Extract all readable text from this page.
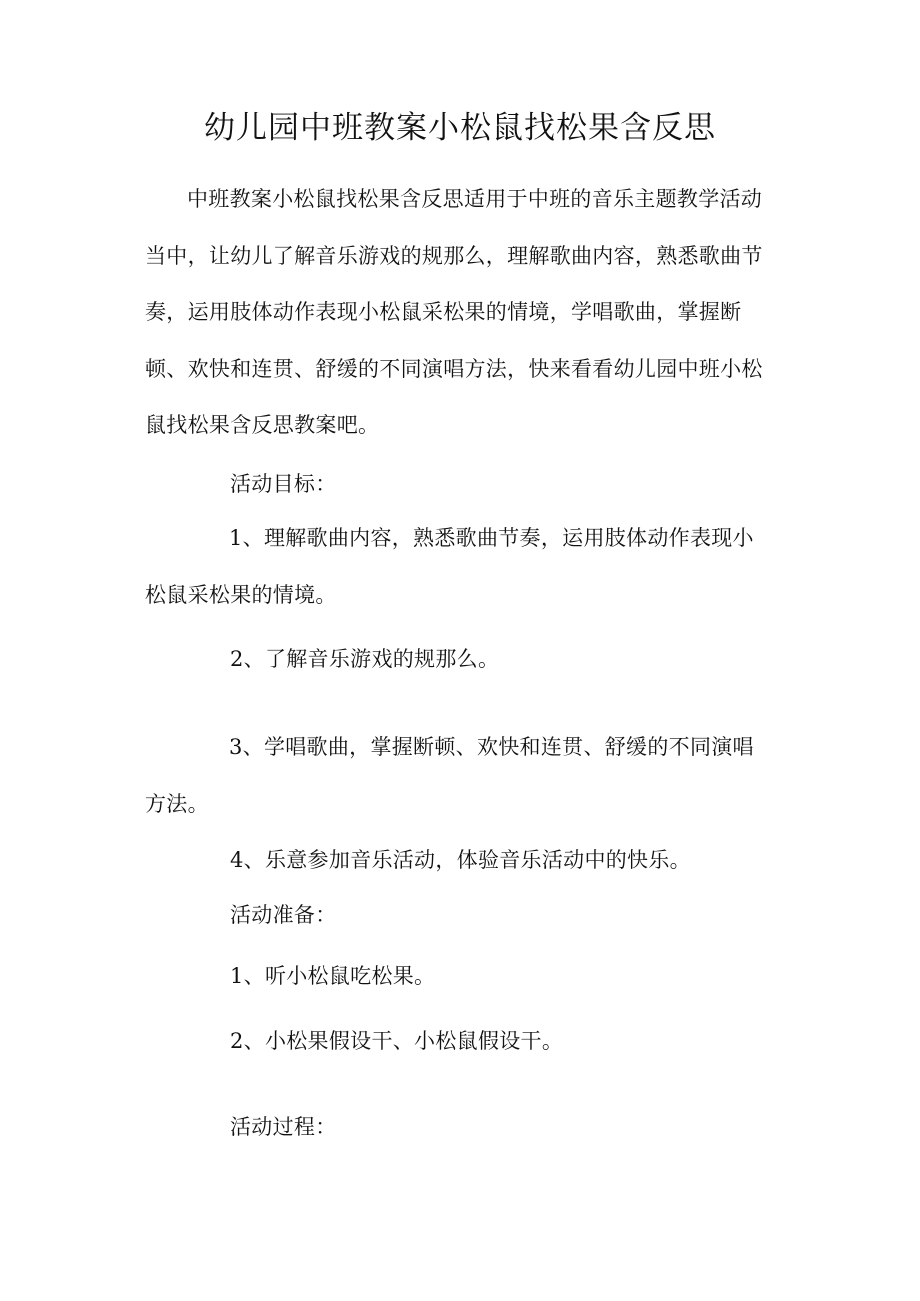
幼儿园中班教案小松鼠找松果含反思

中班教案小松鼠找松果含反思适用于中班的音乐主题教学活动当中，让幼儿了解音乐游戏的规那么，理解歌曲内容，熟悉歌曲节奏，运用肢体动作表现小松鼠采松果的情境，学唱歌曲，掌握断顿、欢快和连贯、舒缓的不同演唱方法，快来看看幼儿园中班小松鼠找松果含反思教案吧。

活动目标：

1、理解歌曲内容，熟悉歌曲节奏，运用肢体动作表现小松鼠采松果的情境。

2、了解音乐游戏的规那么。

3、学唱歌曲，掌握断顿、欢快和连贯、舒缓的不同演唱方法。

4、乐意参加音乐活动，体验音乐活动中的快乐。

活动准备：

1、听小松鼠吃松果。

2、小松果假设干、小松鼠假设干。

活动过程：
